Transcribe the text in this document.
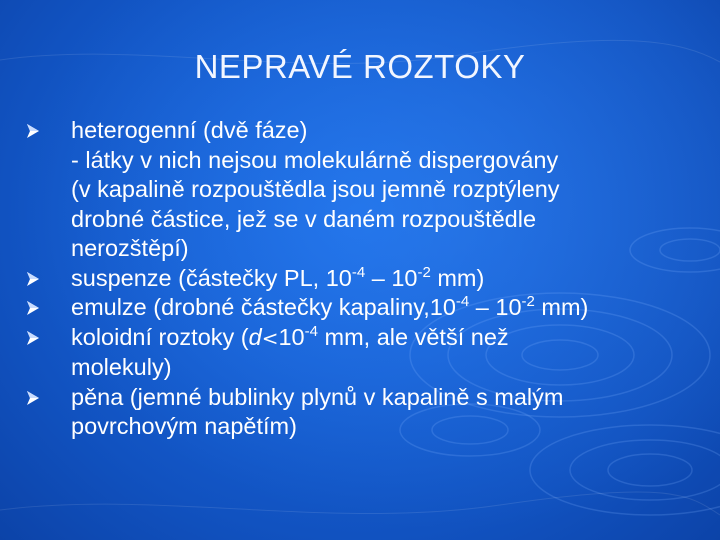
NEPRAVÉ ROZTOKY
heterogenní (dvě fáze)
- látky v nich nejsou molekulárně dispergovány
(v kapalině rozpouštědla jsou jemně rozptýleny
drobné částice, jež se v daném rozpouštědle
nerozštěpí)
suspenze (částečky PL, $10^{-4} - 10^{-2}$ mm)
emulze (drobné částečky $kapaliny,10^{-4} - 10^{-2}$ mm)
koloidní roztoky ($d<10^{-4}$ mm, ale větší než
molekuly)
pěna (jemné bublinky plynů v kapalině s malým
povrchovým napětím)
